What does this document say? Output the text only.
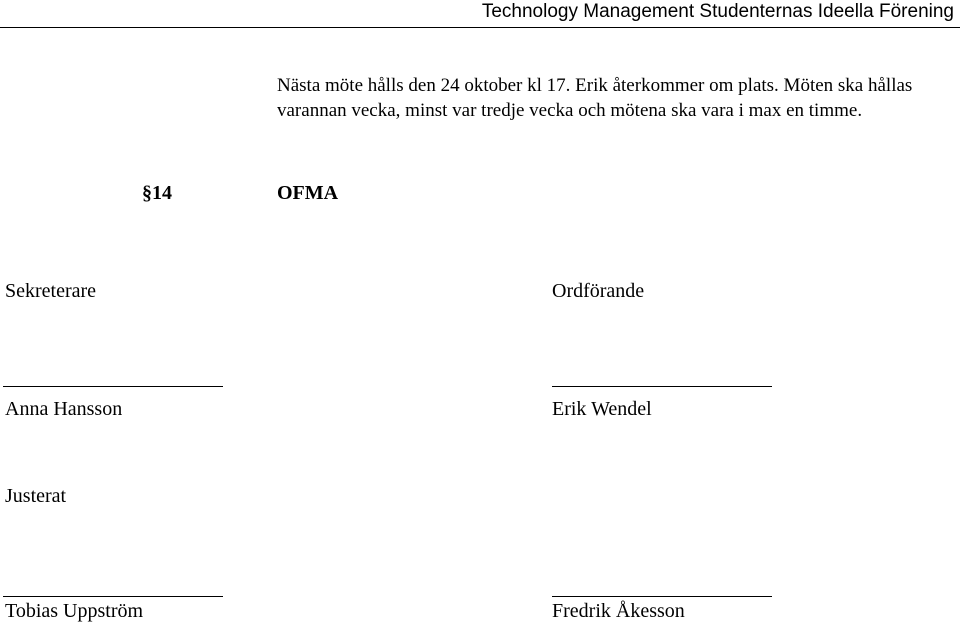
Technology Management Studenternas Ideella Förening
Nästa möte hålls den 24 oktober kl 17. Erik återkommer om plats. Möten ska hållas varannan vecka, minst var tredje vecka och mötena ska vara i max en timme.
§14	OFMA
Sekreterare	Ordförande
Anna Hansson	Erik Wendel
Justerat
Tobias Uppström	Fredrik Åkesson
